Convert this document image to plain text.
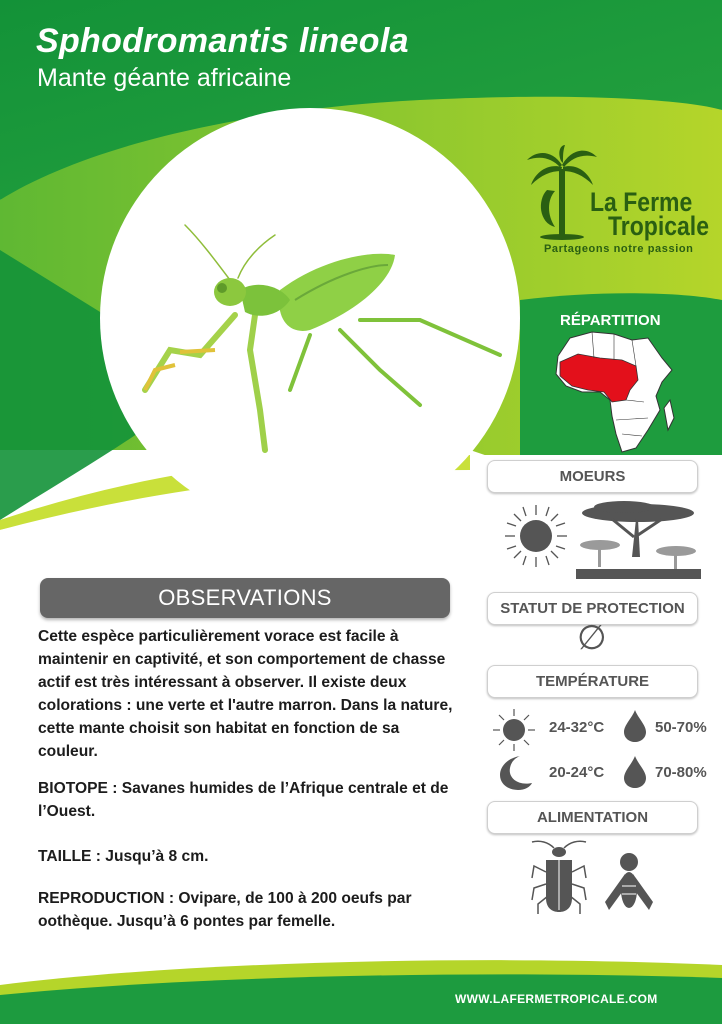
Sphodromantis lineola
Mante géante africaine
La Ferme
Tropicale
Partageons notre passion
RÉPARTITION
MOEURS
STATUT DE PROTECTION
∅
TEMPÉRATURE
24-32°C	50-70%
20-24°C	70-80%
ALIMENTATION
OBSERVATIONS
Cette espèce particulièrement vorace est facile à maintenir en captivité, et son comportement de chasse actif est très intéressant à observer. Il existe deux colorations : une verte et l'autre marron. Dans la nature, cette mante choisit son habitat en fonction de sa couleur.
BIOTOPE : Savanes humides de l’Afrique centrale et de l’Ouest.
TAILLE : Jusqu’à 8 cm.
REPRODUCTION : Ovipare, de 100 à 200 oeufs par oothèque. Jusqu’à 6 pontes par femelle.
WWW.LAFERMETROPICALE.COM
